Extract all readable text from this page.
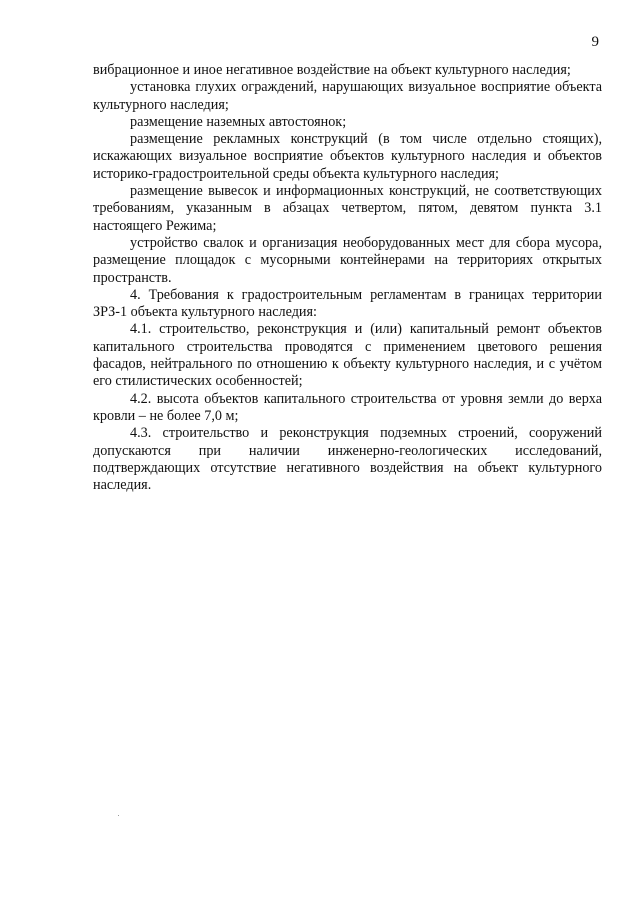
9

вибрационное и иное негативное воздействие на объект культурного наследия;

установка глухих ограждений, нарушающих визуальное восприятие объекта культурного наследия;

размещение наземных автостоянок;

размещение рекламных конструкций (в том числе отдельно стоящих), искажающих визуальное восприятие объектов культурного наследия и объектов историко-градостроительной среды объекта культурного наследия;

размещение вывесок и информационных конструкций, не соответствующих требованиям, указанным в абзацах четвертом, пятом, девятом пункта 3.1 настоящего Режима;

устройство свалок и организация необорудованных мест для сбора мусора, размещение площадок с мусорными контейнерами на территориях открытых пространств.

4. Требования к градостроительным регламентам в границах территории ЗРЗ-1 объекта культурного наследия:

4.1. строительство, реконструкция и (или) капитальный ремонт объектов капитального строительства проводятся с применением цветового решения фасадов, нейтрального по отношению к объекту культурного наследия, и с учётом его стилистических особенностей;

4.2. высота объектов капитального строительства от уровня земли до верха кровли – не более 7,0 м;

4.3. строительство и реконструкция подземных строений, сооружений допускаются при наличии инженерно-геологических исследований, подтверждающих отсутствие негативного воздействия на объект культурного наследия.
